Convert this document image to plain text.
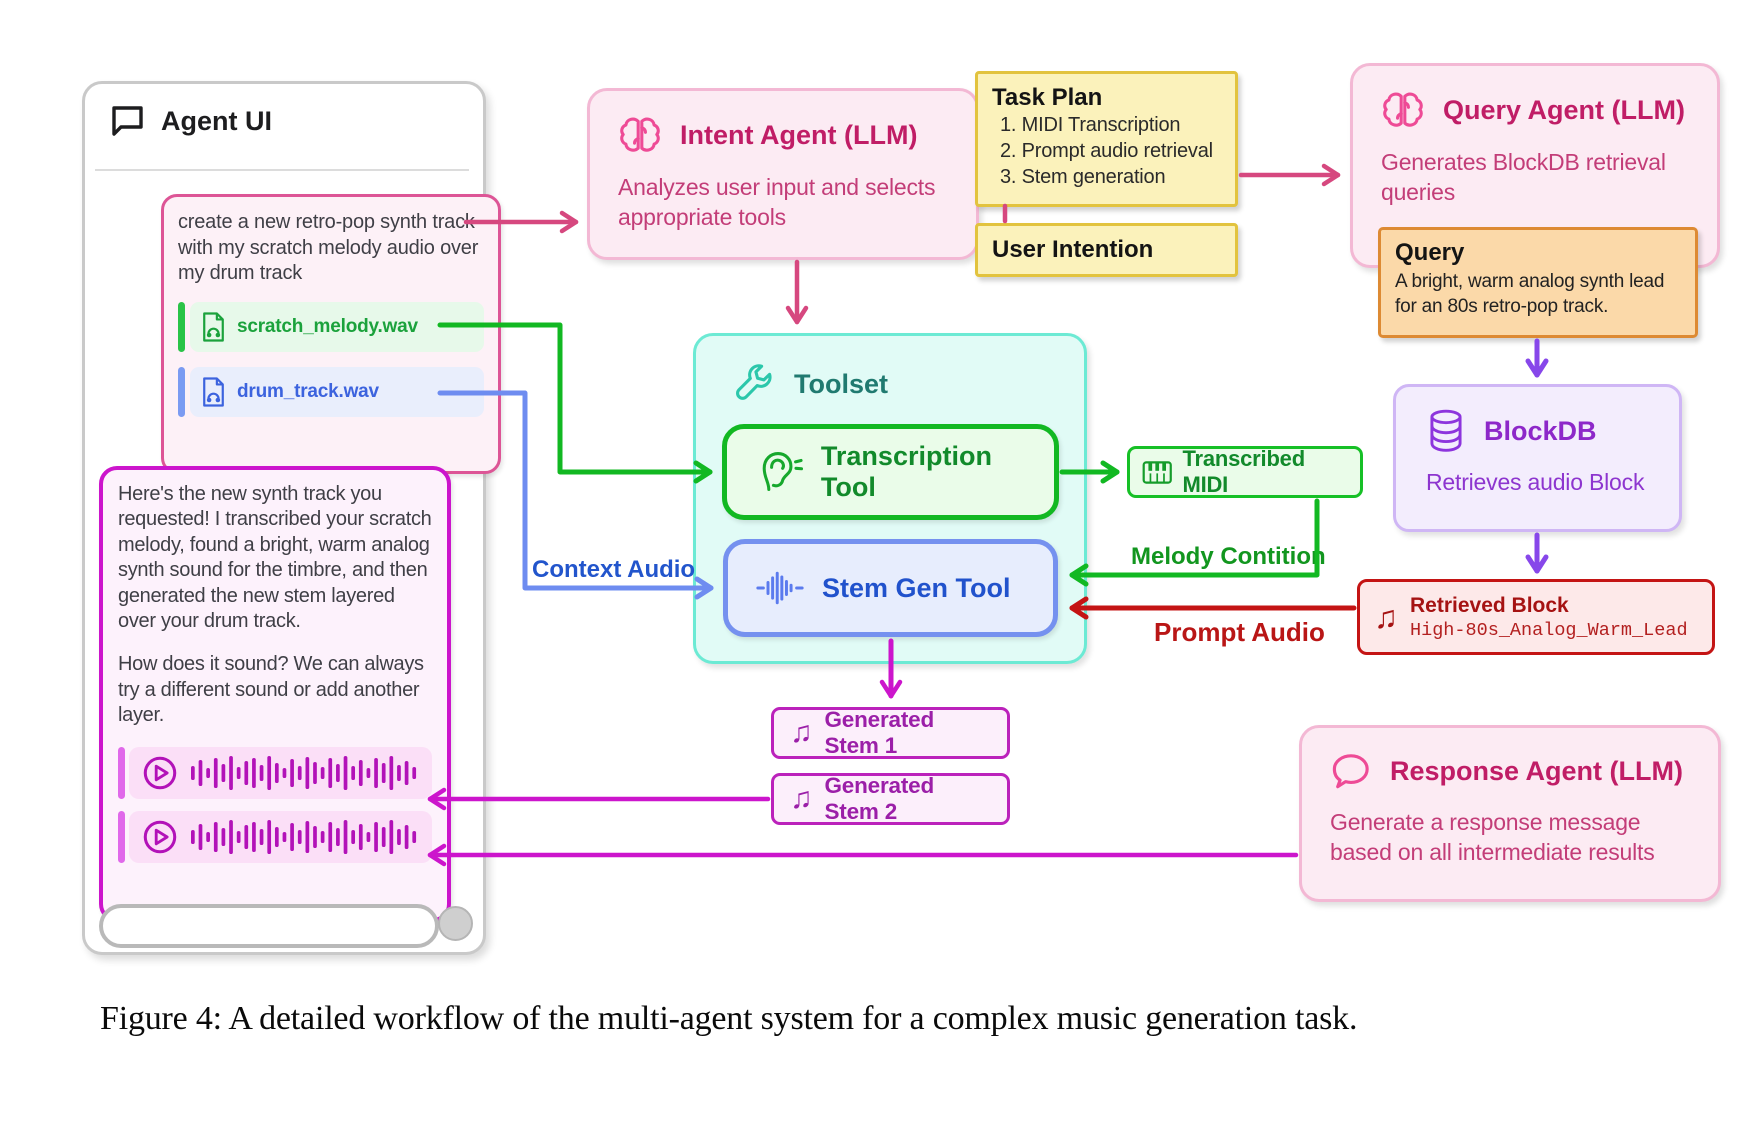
Agent UI
create a new retro-pop synth track with my scratch melody audio over my drum track
scratch_melody.wav
drum_track.wav

Here's the new synth track you requested! I transcribed your scratch melody, found a bright, warm analog synth sound for the timbre, and then generated the new stem layered over your drum track.

How does it sound? We can always try a different sound or add another layer.

Intent Agent (LLM)
Analyzes user input and selects appropriate tools
Task Plan
1. MIDI Transcription
2. Prompt audio retrieval
3. Stem generation
User Intention
Query Agent (LLM)
Generates BlockDB retrieval queries
Query
A bright, warm analog synth lead for an 80s retro-pop track.
BlockDB
Retrieves audio Block
♫ Retrieved Block
High-80s_Analog_Warm_Lead
Toolset
Transcription Tool
Stem Gen Tool
Transcribed MIDI
♫ Generated Stem 1
♫ Generated Stem 2
Response Agent (LLM)
Generate a response message based on all intermediate results
Context Audio	Melody Contition
Prompt Audio
Figure 4: A detailed workflow of the multi-agent system for a complex music generation task.
